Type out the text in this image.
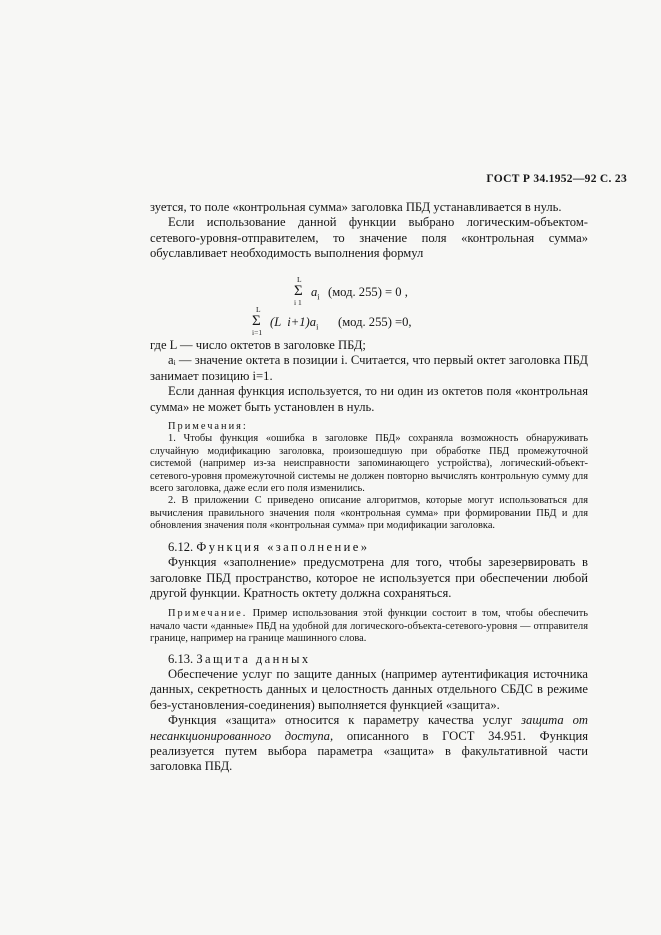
ГОСТ Р 34.1952—92 С. 23

зуется, то поле «контрольная сумма» заголовка ПБД устанавливается в нуль.

Если использование данной функции выбрано логическим-объектом-сетевого-уровня-отправителем, то значение поля «контрольная сумма» обуславливает необходимость выполнения формул

L
Σ
i 1
$a_i$ (мод. 255) = 0 ,
L
Σ
i=1
(L  $i+1)a_i$ (мод. 255) =0,

где L — число октетов в заголовке ПБД;

aᵢ — значение октета в позиции i. Считается, что первый октет заголовка ПБД занимает позицию i=1.

Если данная функция используется, то ни один из октетов поля «контрольная сумма» не может быть установлен в нуль.

Примечания:

1. Чтобы функция «ошибка в заголовке ПБД» сохраняла возможность обнаруживать случайную модификацию заголовка, произошедшую при обработке ПБД промежуточной системой (например из-за неисправности запоминающего устройства), логический-объект-сетевого-уровня промежуточной системы не должен повторно вычислять контрольную сумму для всего заголовка, даже если его поля изменились.

2. В приложении С приведено описание алгоритмов, которые могут использоваться для вычисления правильного значения поля «контрольная сумма» при формировании ПБД и для обновления значения поля «контрольная сумма» при модификации заголовка.

6.12. Функция «заполнение»

Функция «заполнение» предусмотрена для того, чтобы зарезервировать в заголовке ПБД пространство, которое не используется при обеспечении любой другой функции. Кратность октету должна сохраняться.

Примечание. Пример использования этой функции состоит в том, чтобы обеспечить начало части «данные» ПБД на удобной для логического-объекта-сетевого-уровня — отправителя границе, например на границе машинного слова.

6.13. Защита данных

Обеспечение услуг по защите данных (например аутентификация источника данных, секретность данных и целостность данных отдельного СБДС в режиме без-установления-соединения) выполняется функцией «защита».

Функция «защита» относится к параметру качества услуг защита от несанкционированного доступа, описанного в ГОСТ 34.951. Функция реализуется путем выбора параметра «защита» в факультативной части заголовка ПБД.
